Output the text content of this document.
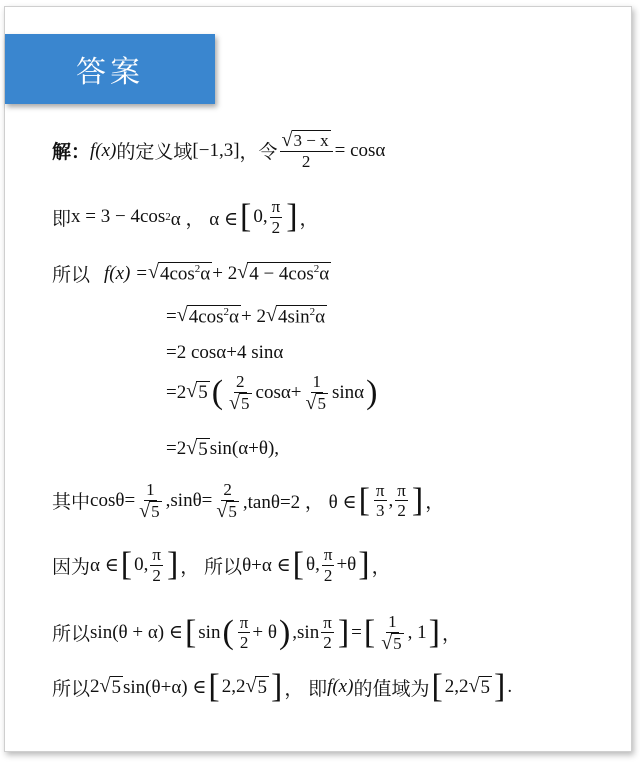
答案
解： f(x) 的定义域 [−1,3] ，令 $\frac{√ 3 - x}{2} = \cos\alpha$
即 x = 3 − 4cos 2 α ， α ∈ [ 0, $\frac{\pi}{2}$ ] ，
所以 f(x) = √ $4\cos^2\alpha + 2$ √ $4 - 4\cos^2\alpha$
= √ $4\cos^2\alpha + 2$ √ $4\sin^2\alpha$
=2 cosα+4 sinα
=2 √ 5 ( $\frac{2}{√ 5} \cos\alpha+ \frac{1}{√ 5}$ sinα )
=2 √ 5 sin(α+θ),
其中 $\cos\theta= \frac{1}{√ 5} ,\sin\theta= \frac{2}{√ 5} ,\tan\theta=2$ ， θ ∈ [ $\frac{\pi}{3}$ , $\frac{\pi}{2}$ ] ，
因为 α ∈ [ 0, $\frac{\pi}{2}$ ] ， 所以 θ+α ∈ [ θ, $\frac{\pi}{2} +\theta$ ] ，
所以 sin(θ + α) ∈ [ sin ( $\frac{\pi}{2} + \theta$ ) $,\sin \frac{\pi}{2}$ ] = [ $\frac{1}{√ 5}$ , 1 ] ，
所以 2 √ 5 sin(θ+α) ∈ [ 2,2 √ 5 ] ， 即 f(x) 的值域为 [ 2,2 √ 5 ] .
